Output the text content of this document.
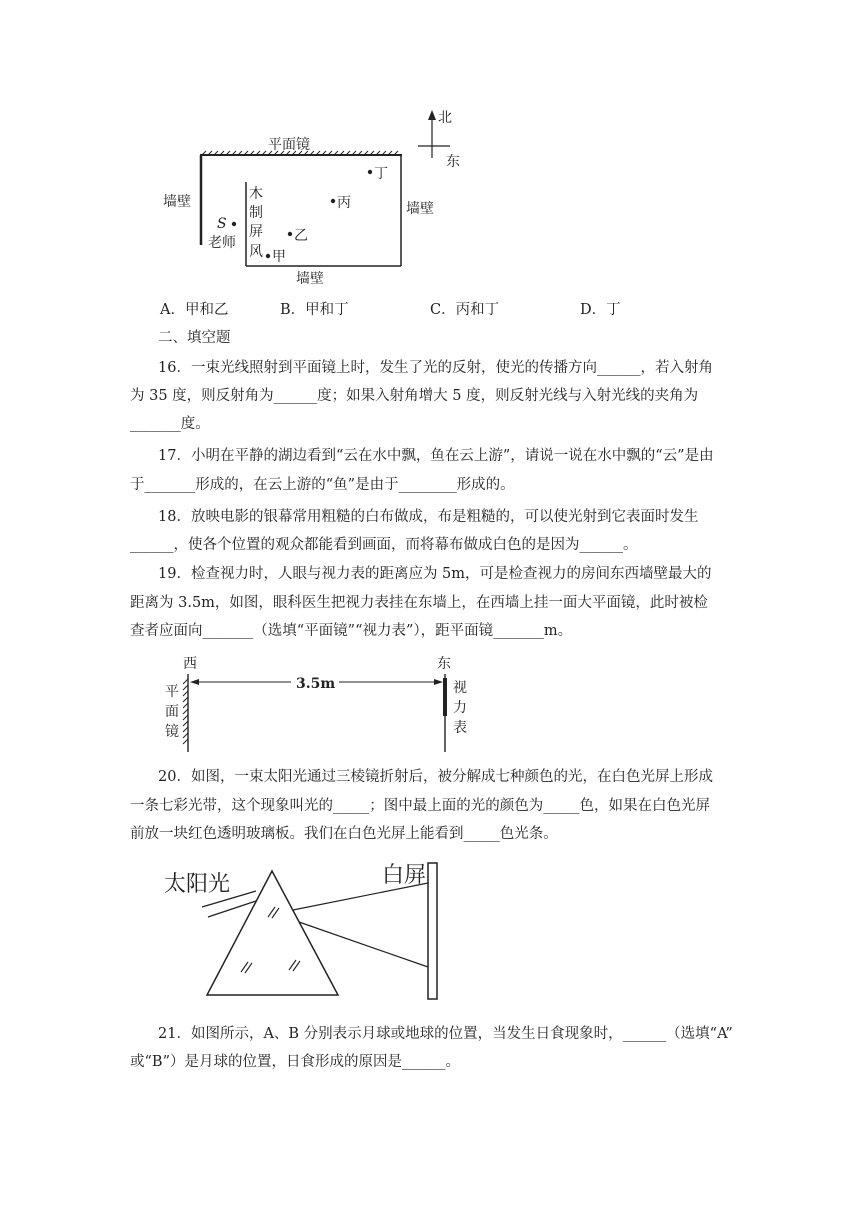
北
东
平面镜
墙壁	墙壁
墙壁
木
制
屏
风
S
老师
甲
乙
丙
丁
A．甲和乙	B．甲和丁	C．丙和丁	D．丁
二、填空题
16．一束光线照射到平面镜上时，发生了光的反射，使光的传播方向______，若入射角
为 35 度，则反射角为______度；如果入射角增大 5 度，则反射光线与入射光线的夹角为
_______度。
17．小明在平静的湖边看到“云在水中飘，鱼在云上游”，请说一说在水中飘的“云”是由
于_______形成的，在云上游的“鱼”是由于________形成的。
18．放映电影的银幕常用粗糙的白布做成，布是粗糙的，可以使光射到它表面时发生
______，使各个位置的观众都能看到画面，而将幕布做成白色的是因为______。
19．检查视力时，人眼与视力表的距离应为 5m，可是检查视力的房间东西墙壁最大的
距离为 3.5m，如图，眼科医生把视力表挂在东墙上，在西墙上挂一面大平面镜，此时被检
查者应面向_______（选填“平面镜”“视力表”），距平面镜_______m。
西	东
3.5m
平
面
镜
视
力
表
20．如图，一束太阳光通过三棱镜折射后，被分解成七种颜色的光，在白色光屏上形成
一条七彩光带，这个现象叫光的_____；图中最上面的光的颜色为_____色，如果在白色光屏
前放一块红色透明玻璃板。我们在白色光屏上能看到_____色光条。
太阳光	白屏
21．如图所示，A、B 分别表示月球或地球的位置，当发生日食现象时，______（选填“A”
或“B”）是月球的位置，日食形成的原因是______。
